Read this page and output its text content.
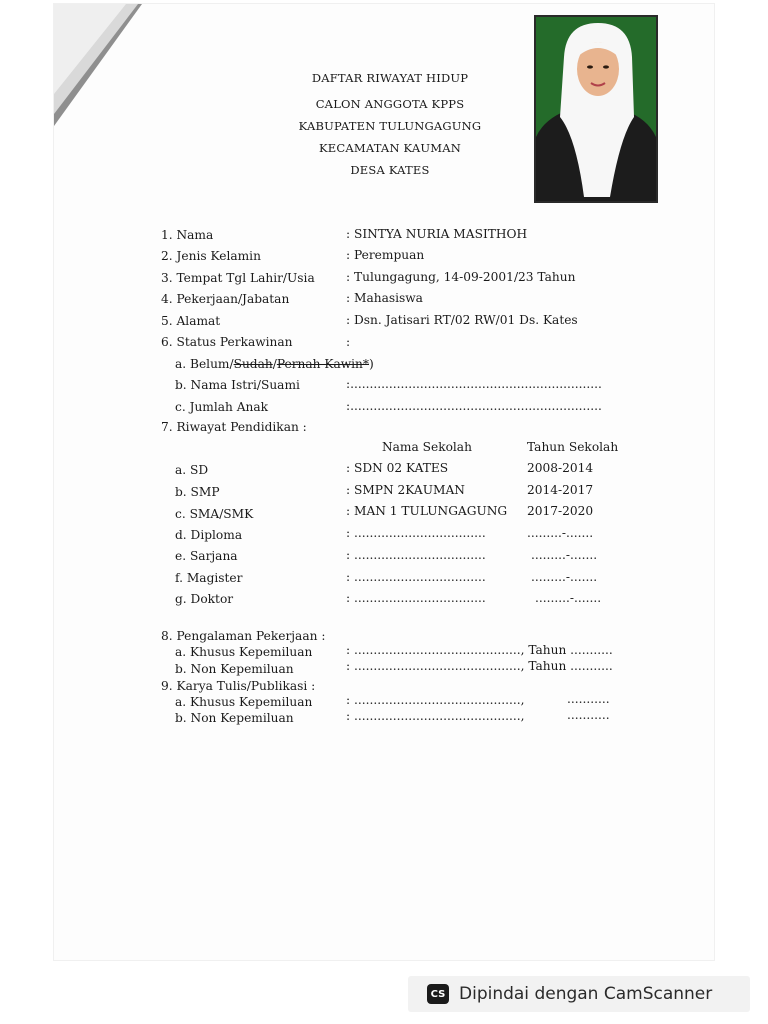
DAFTAR RIWAYAT HIDUP
CALON ANGGOTA KPPS
KABUPATEN TULUNGAGUNG
KECAMATAN KAUMAN
DESA KATES
1. Nama	: SINTYA NURIA MASITHOH
2. Jenis Kelamin	: Perempuan
3. Tempat Tgl Lahir/Usia	: Tulungagung, 14-09-2001/23 Tahun
4. Pekerjaan/Jabatan	: Mahasiswa
5. Alamat	: Dsn. Jatisari RT/02 RW/01 Ds. Kates
6. Status Perkawinan	:
a. Belum/Sudah/Pernah Kawin*)
b. Nama Istri/Suami	:.................................................................
c. Jumlah Anak	:.................................................................
7. Riwayat Pendidikan :
Nama Sekolah	Tahun Sekolah
a. SD	: SDN 02 KATES	2008-2014
b. SMP	: SMPN 2KAUMAN	2014-2017
c. SMA/SMK	: MAN 1 TULUNGAGUNG 2017-2020
d. Diploma	: ..................................	.........-.......
e. Sarjana	: ..................................	.........-.......
f. Magister	: ..................................	.........-.......
g. Doktor	: ..................................	.........-.......
8. Pengalaman Pekerjaan :
a. Khusus Kepemiluan	: ..........................................., Tahun ...........
b. Non Kepemiluan	: ..........................................., Tahun ...........
9. Karya Tulis/Publikasi :
a. Khusus Kepemiluan	: ...........................................,	...........
b. Non Kepemiluan	: ...........................................,	...........
CS Dipindai dengan CamScanner
